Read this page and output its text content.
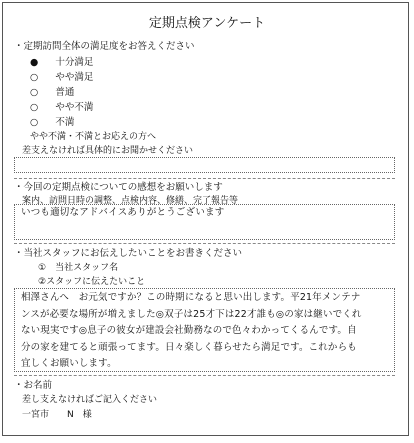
定期点検アンケート
・定期訪問全体の満足度をお答えください
● 十分満足
○ やや満足
○ 普通
○ やや不満
○ 不満
やや不満・不満とお応えの方へ
差支えなければ具体的にお聞かせください
・今回の定期点検についての感想をお願いします
案内、訪問日時の調整、点検内容、修繕、完了報告等
いつも適切なアドバイスありがとうございます
・当社スタッフにお伝えしたいことをお書きください
①　当社スタッフ名
②スタッフに伝えたいこと
相澤さんへ　お元気ですか？この時期になると思い出します。平21年メンテナ
ンスが必要な場所が増えました◎双子は25才下は22才誰も◎の家は継いでくれ
ない現実です◎息子の彼女が建設会社勤務なので色々わかってくるんです。自
分の家を建てると頑張ってます。日々楽しく暮らせたら満足です。これからも
宜しくお願いします。
・お名前
差し支えなければご記入ください
一宮市　　N　様
